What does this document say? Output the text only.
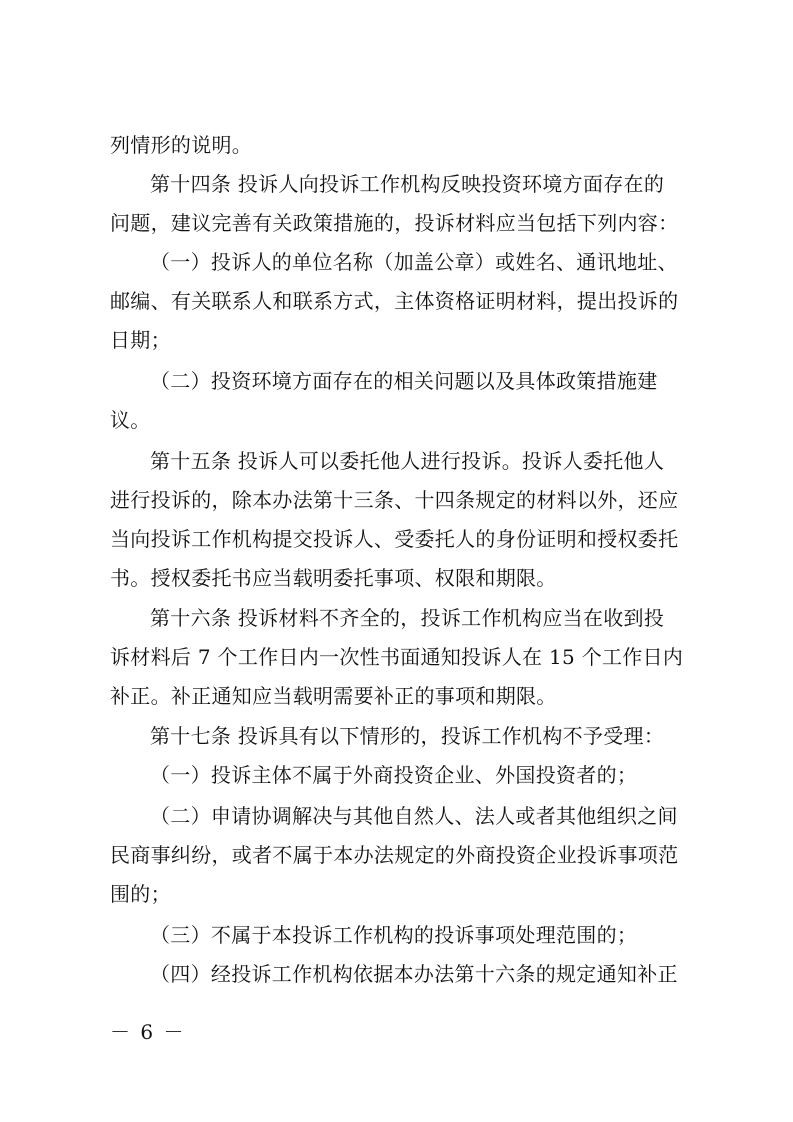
列情形的说明。
第十四条 投诉人向投诉工作机构反映投资环境方面存在的
问题，建议完善有关政策措施的，投诉材料应当包括下列内容：
（一）投诉人的单位名称（加盖公章）或姓名、通讯地址、
邮编、有关联系人和联系方式，主体资格证明材料，提出投诉的
日期；
（二）投资环境方面存在的相关问题以及具体政策措施建
议。
第十五条 投诉人可以委托他人进行投诉。投诉人委托他人
进行投诉的，除本办法第十三条、十四条规定的材料以外，还应
当向投诉工作机构提交投诉人、受委托人的身份证明和授权委托
书。授权委托书应当载明委托事项、权限和期限。
第十六条 投诉材料不齐全的，投诉工作机构应当在收到投
诉材料后 7 个工作日内一次性书面通知投诉人在 15 个工作日内
补正。补正通知应当载明需要补正的事项和期限。
第十七条 投诉具有以下情形的，投诉工作机构不予受理：
（一）投诉主体不属于外商投资企业、外国投资者的；
（二）申请协调解决与其他自然人、法人或者其他组织之间
民商事纠纷，或者不属于本办法规定的外商投资企业投诉事项范
围的；
（三）不属于本投诉工作机构的投诉事项处理范围的；
（四）经投诉工作机构依据本办法第十六条的规定通知补正
－ 6 －
